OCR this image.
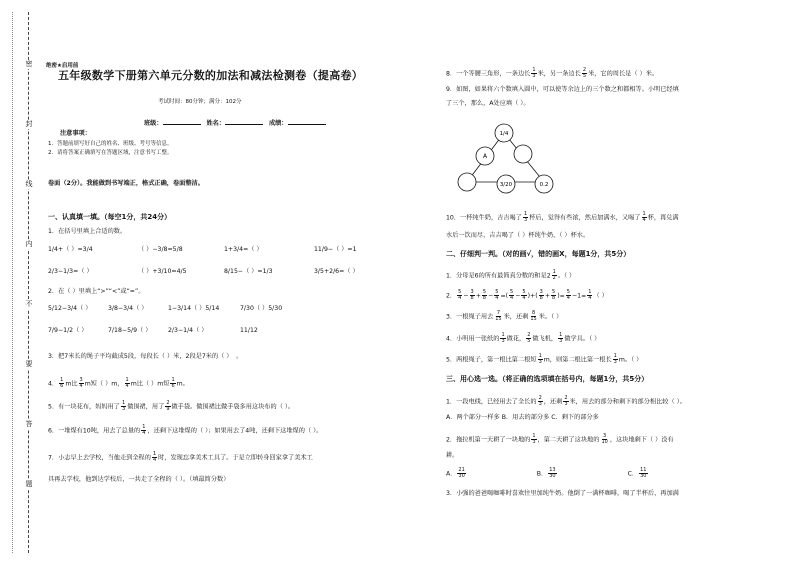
密
封
线
内
不
要
答
题
绝密★启用前
五年级数学下册第六单元分数的加法和减法检测卷（提高卷）
考试时间：80分钟；满分：102分
班级：	姓名：	成绩：
注意事项：
1．答题前填写好自己的姓名、班级、考号等信息。
2．请将答案正确填写在答题区域，注意书写工整。
卷面（2分）。我能做到书写端正，格式正确，卷面整洁。
一、认真填一填。（每空1分，共24分）
1．在括号里填上合适的数。
1/4+（ ）=3/4	（ ）−3/8=5/8	1+3/4=（ ）	11/9−（ ）=1
2/3−1/3=（ ）	（ ）+3/10=4/5	8/15−（ ）=1/3	3/5+2/6=（ ）
2．在（ ）里填上“>”“<”或“=”。
5/12−3/4（ ）	3/8−3/4（ ）	1−3/14（ ）5/14	7/30（ ）5/30
7/9−1/2（ ）	7/18−5/9（ ）	2/3−1/4（ ）	11/12
3．把7米长的绳子平均截成5段，每段长（ ）米，2段是7米的（ ） 。
4． $\frac{1}{6}$ m比 $\frac{3}{4}$ m短（ ）m， $\frac{1}{4}$ m比（ ）m短 $\frac{1}{6}$ m。
5．有一块花布，妈妈用了 $\frac{1}{3}$ 做围裙，用了 $\frac{2}{9}$ 做手袋。做围裙比做手袋多用这块布的（ ）。
6．一堆煤有10吨，用去了总量的 $\frac{1}{4}$ ，还剩下这堆煤的（ ）；如果用去了4吨，还剩下这堆煤的（ ）。
7．小志早上去学校，当他走到全程的 $\frac{1}{4}$ 时，发现忘拿美术工具了。于是立即转身回家拿了美术工
具再去学校，他到达学校后，一共走了全程的（ ）。（填最简分数）
8．一个等腰三角形，一条边长 $\frac{1}{3}$ 米，另一条边长 $\frac{2}{5}$ 米，它的周长是（ ）米。
9．如图，如果将六个数填入圆中，可以使等余边上的三个数之和都相等。小明已经填
了三个，那么，A处应填（ ）。
1/4
A
3/20	0.2
10．一杯纯牛奶，吉吉喝了 $\frac{1}{3}$ 杯后，觉得有些浓，然后加满水，又喝了 $\frac{1}{4}$ 杯，再兑满
水后一饮而尽，吉吉喝了（ ）杯纯牛奶，（ ）杯水。
二、仔细判一判。（对的画√，错的画X，每题1分，共5分）
1．分母是6的所有最简真分数的和是$2 \frac{1}{2}$ 。（ ）
2． $\frac{5}{4} - \frac{3}{8} + \frac{5}{8} - \frac{5}{4}$ =( $\frac{5}{4} - \frac{5}{4}$ )+( $\frac{3}{8} + \frac{5}{8}$ )= $\frac{5}{4} -1= \frac{1}{4}$ （ ）
3．一根绳子用去 $\frac{7}{15}$ 米，还剩 $\frac{8}{15}$ 米。（ ）
4．小明用一张纸的 $\frac{1}{3}$ 做花， $\frac{2}{5}$ 做飞机， $\frac{1}{3}$ 做学具。（ ）
5．两根绳子，第一根比第二根短 $\frac{1}{3}$ m，则第二根比第一根长 $\frac{1}{3}$ m。（ ）
三、用心选一选。（将正确的选项填在括号内，每题1分，共5分）
1．一段电线，已经用去了全长的 $\frac{2}{3}$ ，还剩 $\frac{2}{3}$ 米，用去的部分和剩下的部分相比较（ ）。
A．两个部分一样多 B．用去的部分多 C．剩下的部分多
2．拖拉机第一天耕了一块地的 $\frac{1}{3}$ ，第二天耕了这块地的 $\frac{3}{10}$ ，这块地剩下（ ）没有
耕。
A． $\frac{21}{30}$	B． $\frac{13}{30}$	C． $\frac{11}{30}$
3．小强的爸爸喝咖啡时喜欢往里加纯牛奶。他倒了一满杯咖啡，喝了半杯后，再加满
